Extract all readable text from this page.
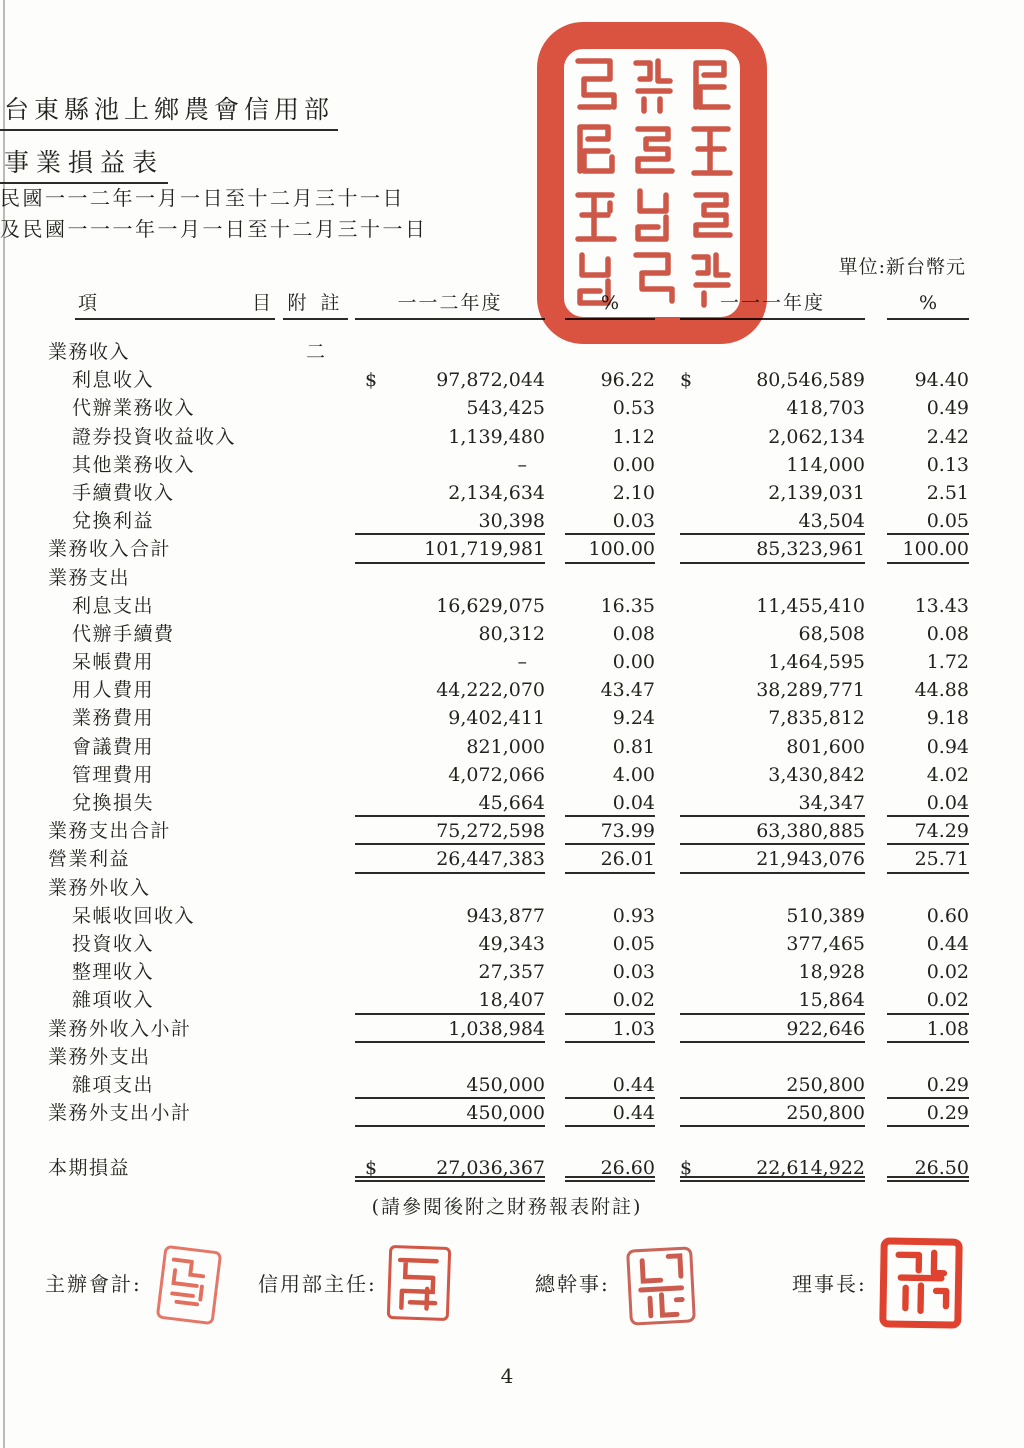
台東縣池上鄉農會信用部
事業損益表
民國一一二年一月一日至十二月三十一日
及民國一一一年一月一日至十二月三十一日
單位:新台幣元
項	目 附 註	一一二年度	%	一一一年度	%
業務收入	二
利息收入	$	97,872,044	96.22 $	80,546,589	94.40
代辦業務收入	543,425	0.53	418,703	0.49
證券投資收益收入	1,139,480	1.12	2,062,134	2.42
其他業務收入	–	0.00	114,000	0.13
手續費收入	2,134,634	2.10	2,139,031	2.51
兌換利益	30,398	0.03	43,504	0.05
業務收入合計	101,719,981	100.00	85,323,961	100.00
業務支出
利息支出	16,629,075	16.35	11,455,410	13.43
代辦手續費	80,312	0.08	68,508	0.08
呆帳費用	–	0.00	1,464,595	1.72
用人費用	44,222,070	43.47	38,289,771	44.88
業務費用	9,402,411	9.24	7,835,812	9.18
會議費用	821,000	0.81	801,600	0.94
管理費用	4,072,066	4.00	3,430,842	4.02
兌換損失	45,664	0.04	34,347	0.04
業務支出合計	75,272,598	73.99	63,380,885	74.29
營業利益	26,447,383	26.01	21,943,076	25.71
業務外收入
呆帳收回收入	943,877	0.93	510,389	0.60
投資收入	49,343	0.05	377,465	0.44
整理收入	27,357	0.03	18,928	0.02
雜項收入	18,407	0.02	15,864	0.02
業務外收入小計	1,038,984	1.03	922,646	1.08
業務外支出
雜項支出	450,000	0.44	250,800	0.29
業務外支出小計	450,000	0.44	250,800	0.29
本期損益	$	27,036,367	26.60 $	22,614,922	26.50
(請參閱後附之財務報表附註)
主辦會計:	信用部主任:	總幹事:	理事長:
4
